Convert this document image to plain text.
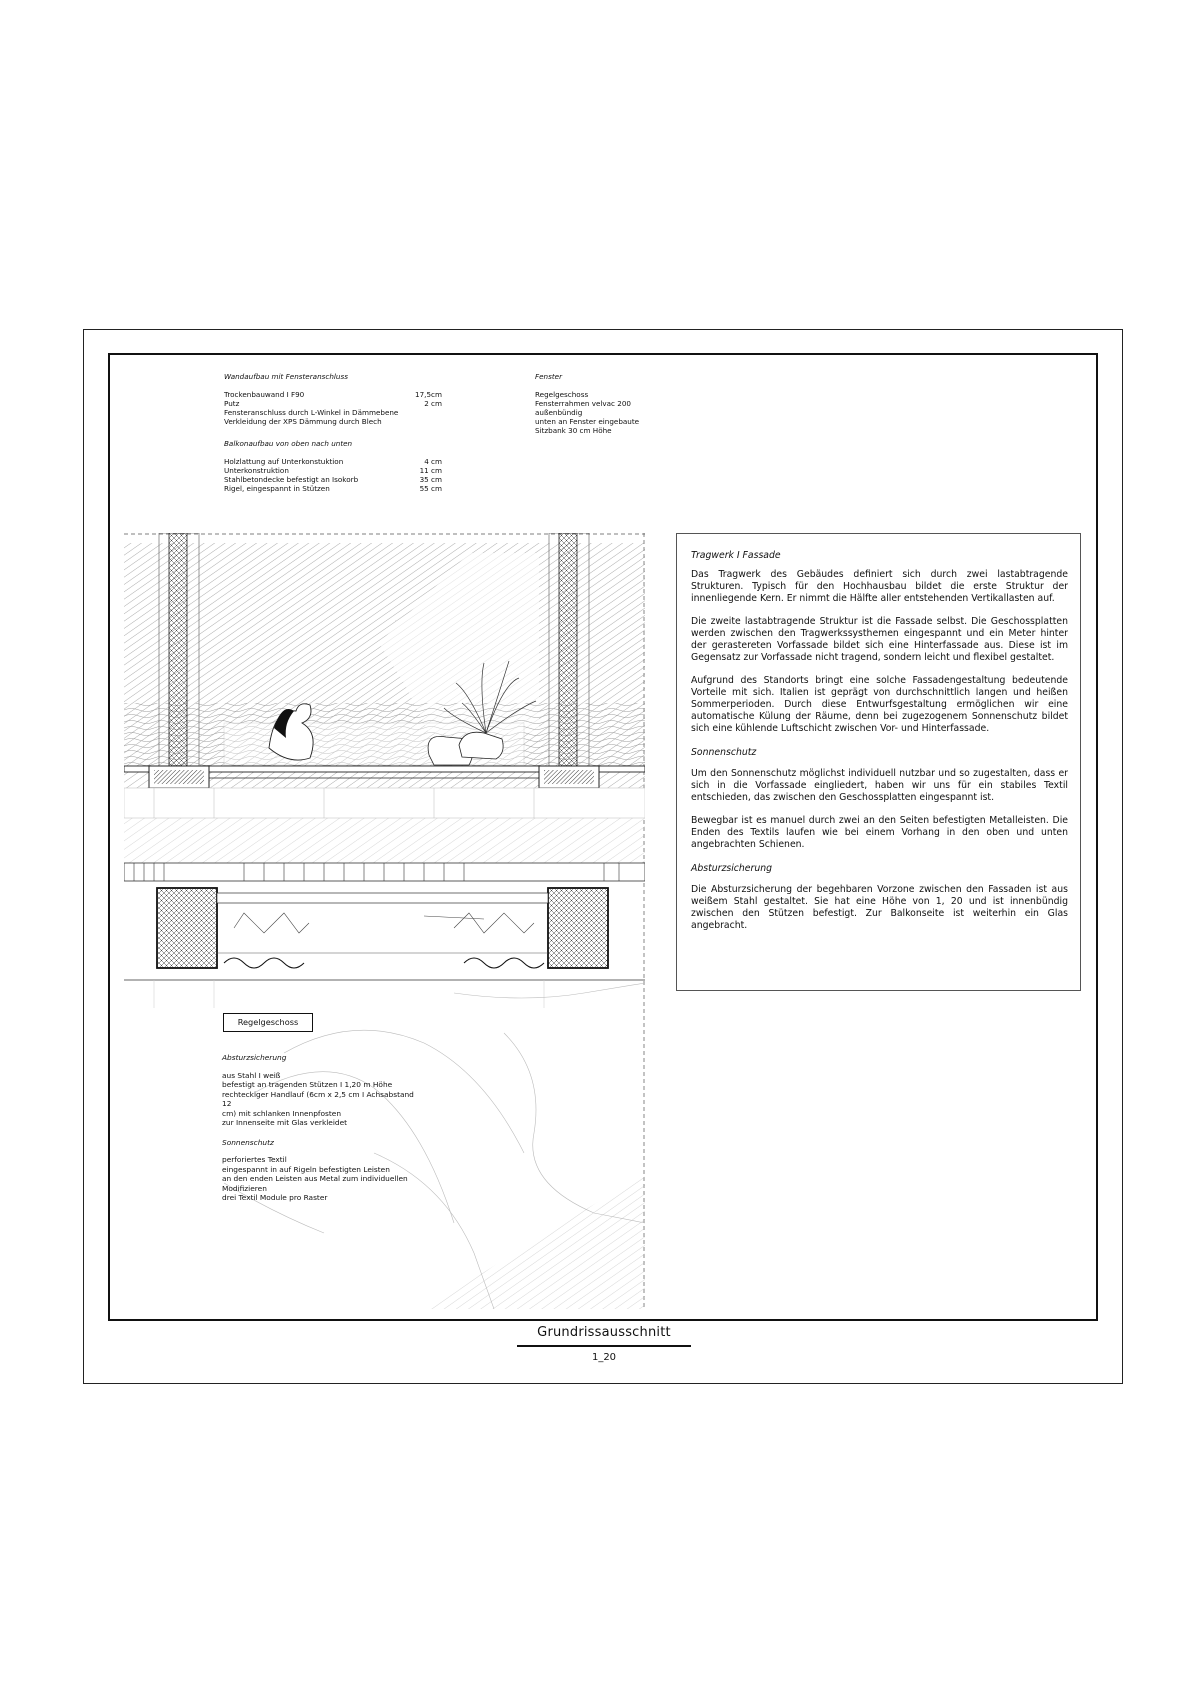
Wandaufbau mit Fensteranschluss
Trockenbauwand I F90	17,5cm
Putz	2 cm
Fensteranschluss durch L-Winkel in Dämmebene
Verkleidung der XPS Dämmung durch Blech
Balkonaufbau von oben nach unten
Holzlattung auf Unterkonstuktion	4 cm
Unterkonstruktion	11 cm
Stahlbetondecke befestigt an Isokorb	35 cm
Rigel, eingespannt in Stützen	55 cm
Fenster
Regelgeschoss
Fensterrahmen velvac 200
außenbündig
unten an Fenster eingebaute
Sitzbank 30 cm Höhe
Tragwerk I Fassade

Das Tragwerk des Gebäudes definiert sich durch zwei lastabtragende Strukturen. Typisch für den Hochhausbau bildet die erste Struktur der innenliegende Kern. Er nimmt die Hälfte aller entstehenden Vertikallasten auf.

Die zweite lastabtragende Struktur ist die Fassade selbst. Die Geschossplatten werden zwischen den Tragwerkssysthemen eingespannt und ein Meter hinter der gerastereten Vorfassade bildet sich eine Hinterfassade aus. Diese ist im Gegensatz zur Vorfassade nicht tragend, sondern leicht und flexibel gestaltet.

Aufgrund des Standorts bringt eine solche Fassadengestaltung bedeutende Vorteile mit sich. Italien ist geprägt von durchschnittlich langen und heißen Sommerperioden. Durch diese Entwurfsgestaltung ermöglichen wir eine automatische Külung der Räume, denn bei zugezogenem Sonnenschutz bildet sich eine kühlende Luftschicht zwischen Vor- und Hinterfassade.

Sonnenschutz

Um den Sonnenschutz möglichst individuell nutzbar und so zugestalten, dass er sich in die Vorfassade eingliedert, haben wir uns für ein stabiles Textil entschieden, das zwischen den Geschossplatten eingespannt ist.

Bewegbar ist es manuel durch zwei an den Seiten befestigten Metalleisten. Die Enden des Textils laufen wie bei einem Vorhang in den oben und unten angebrachten Schienen.

Absturzsicherung

Die Absturzsicherung der begehbaren Vorzone zwischen den Fassaden ist aus weißem Stahl gestaltet. Sie hat eine Höhe von 1, 20 und ist innenbündig zwischen den Stützen befestigt. Zur Balkonseite ist weiterhin ein Glas angebracht.

Regelgeschoss
Absturzsicherung
aus Stahl I weiß
befestigt an tragenden Stützen I 1,20 m Höhe
rechteckiger Handlauf (6cm x 2,5 cm I Achsabstand 12
cm) mit schlanken Innenpfosten
zur Innenseite mit Glas verkleidet
Sonnenschutz
perforiertes Textil
eingespannt in auf Rigeln befestigten Leisten
an den enden Leisten aus Metal zum individuellen
Modifizieren
drei Textil Module pro Raster
Grundrissausschnitt
1_20
